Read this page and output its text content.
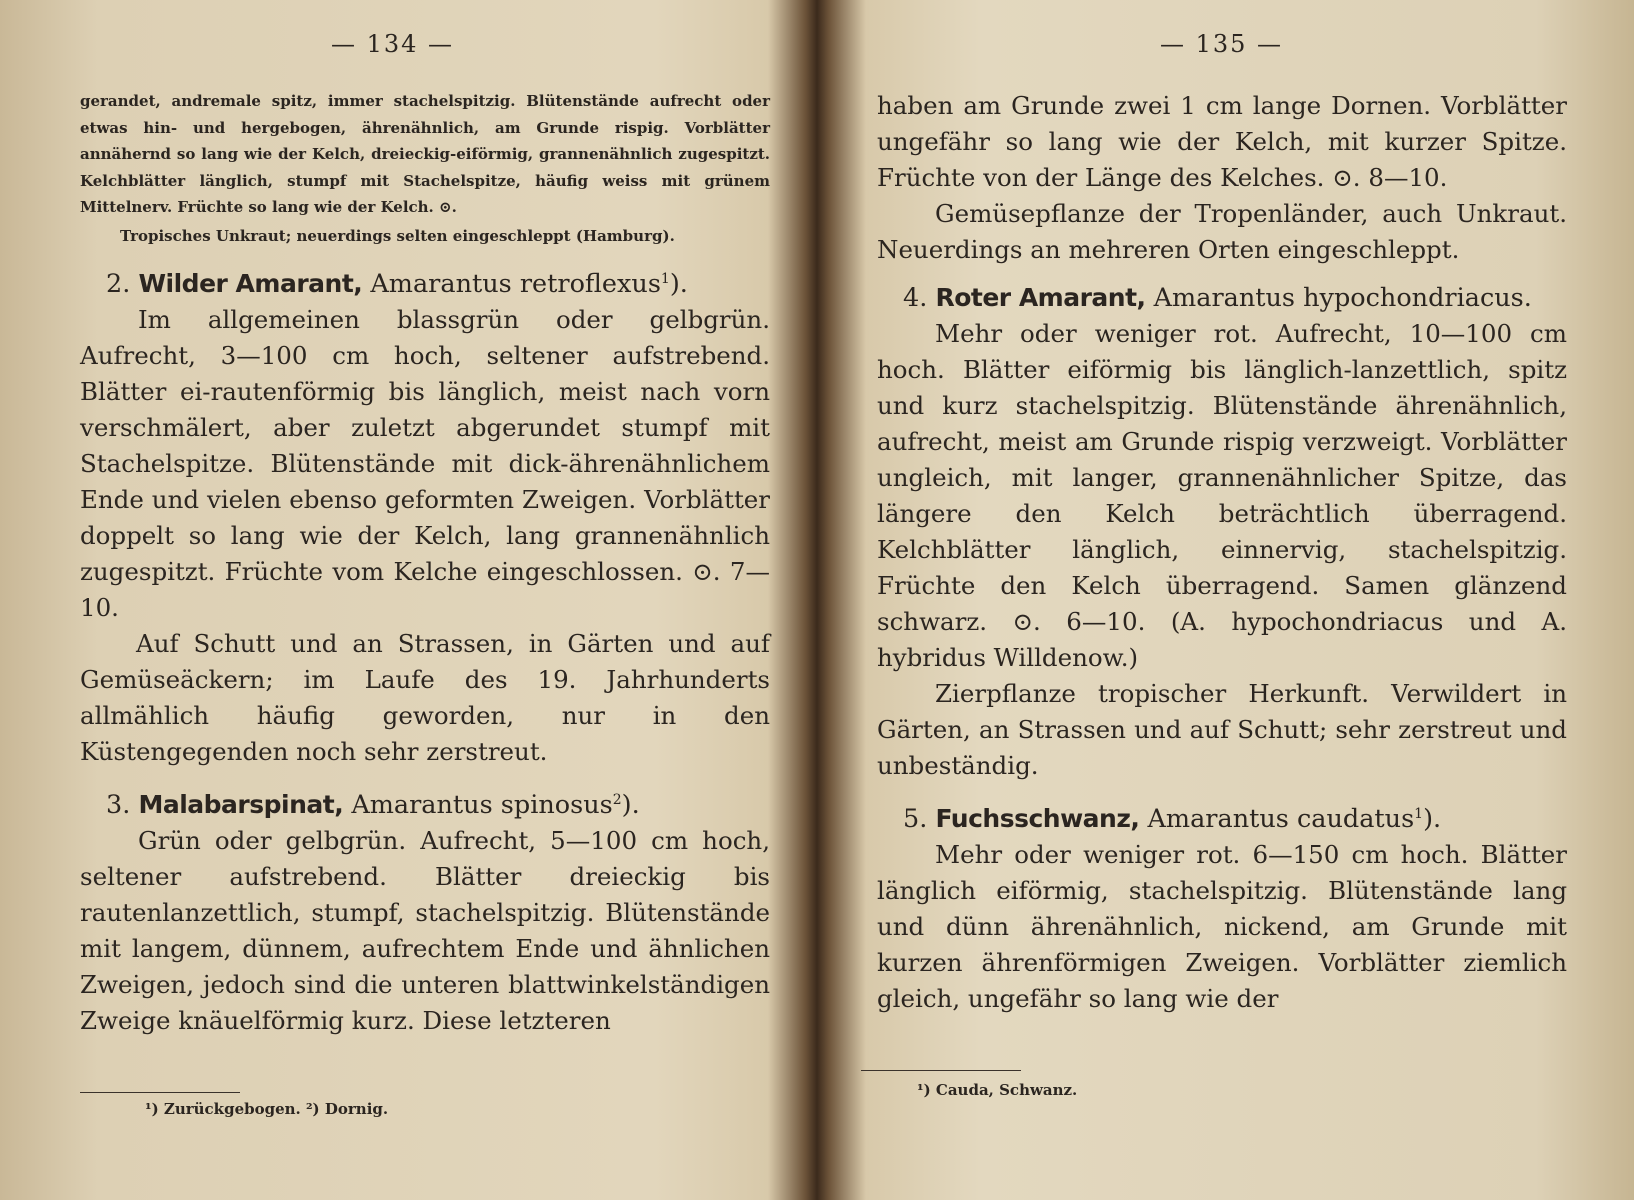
— 134 —

gerandet, andremale spitz, immer stachelspitzig. Blütenstände aufrecht oder etwas hin- und hergebogen, ährenähnlich, am Grunde rispig. Vorblätter annähernd so lang wie der Kelch, dreieckig-eiförmig, grannenähnlich zugespitzt. Kelchblätter länglich, stumpf mit Stachelspitze, häufig weiss mit grünem Mittelnerv. Früchte so lang wie der Kelch. ⊙.

Tropisches Unkraut; neuerdings selten eingeschleppt (Hamburg).

2. Wilder Amarant, Amarantus retroflexus$^1$).

Im allgemeinen blassgrün oder gelbgrün. Aufrecht, 3—100 cm hoch, seltener aufstrebend. Blätter ei-rautenförmig bis länglich, meist nach vorn verschmälert, aber zuletzt abgerundet stumpf mit Stachelspitze. Blütenstände mit dick-ährenähnlichem Ende und vielen ebenso geformten Zweigen. Vorblätter doppelt so lang wie der Kelch, lang grannenähnlich zugespitzt. Früchte vom Kelche eingeschlossen. ⊙. 7—10.

Auf Schutt und an Strassen, in Gärten und auf Gemüseäckern; im Laufe des 19. Jahrhunderts allmählich häufig geworden, nur in den Küstengegenden noch sehr zerstreut.

3. Malabarspinat, Amarantus spinosus$^2$).

Grün oder gelbgrün. Aufrecht, 5—100 cm hoch, seltener aufstrebend. Blätter dreieckig bis rautenlanzettlich, stumpf, stachelspitzig. Blütenstände mit langem, dünnem, aufrechtem Ende und ähnlichen Zweigen, jedoch sind die unteren blattwinkelständigen Zweige knäuelförmig kurz. Diese letzteren

¹) Zurückgebogen. ²) Dornig.
— 135 —

haben am Grunde zwei 1 cm lange Dornen. Vorblätter ungefähr so lang wie der Kelch, mit kurzer Spitze. Früchte von der Länge des Kelches. ⊙. 8—10.

Gemüsepflanze der Tropenländer, auch Unkraut. Neuerdings an mehreren Orten eingeschleppt.

4. Roter Amarant, Amarantus hypochondriacus.

Mehr oder weniger rot. Aufrecht, 10—100 cm hoch. Blätter eiförmig bis länglich-lanzettlich, spitz und kurz stachelspitzig. Blütenstände ährenähnlich, aufrecht, meist am Grunde rispig verzweigt. Vorblätter ungleich, mit langer, grannenähnlicher Spitze, das längere den Kelch beträchtlich überragend. Kelchblätter länglich, einnervig, stachelspitzig. Früchte den Kelch überragend. Samen glänzend schwarz. ⊙. 6—10. (A. hypochondriacus und A. hybridus Willdenow.)

Zierpflanze tropischer Herkunft. Verwildert in Gärten, an Strassen und auf Schutt; sehr zerstreut und unbeständig.

5. Fuchsschwanz, Amarantus caudatus$^1$).

Mehr oder weniger rot. 6—150 cm hoch. Blätter länglich eiförmig, stachelspitzig. Blütenstände lang und dünn ährenähnlich, nickend, am Grunde mit kurzen ährenförmigen Zweigen. Vorblätter ziemlich gleich, ungefähr so lang wie der

¹) Cauda, Schwanz.
